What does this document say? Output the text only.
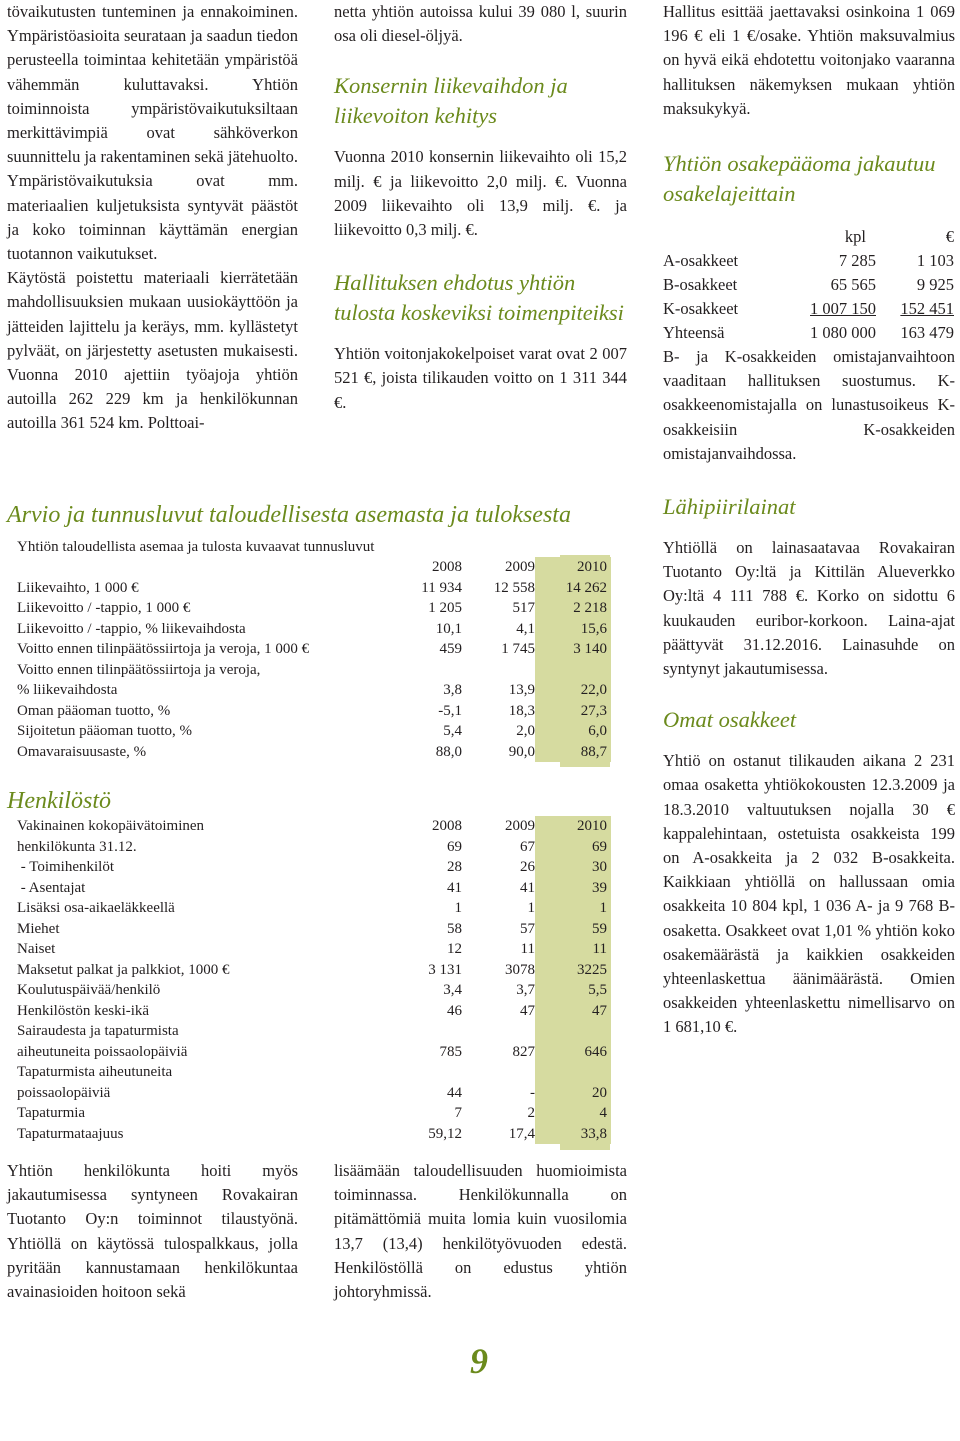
tövaikutusten tunteminen ja ennakoiminen. Ympäristöasioita seurataan ja saadun tiedon perusteella toimintaa kehitetään ympäristöä vähemmän kuluttavaksi. Yhtiön toiminnoista ympäristövaikutuksiltaan merkittävimpiä ovat sähköverkon suunnittelu ja rakentaminen sekä jätehuolto. Ympäristövaikutuksia ovat mm. materiaalien kuljetuksista syntyvät päästöt ja koko toiminnan käyttämän energian tuotannon vaikutukset.

Käytöstä poistettu materiaali kierrätetään mahdollisuuksien mukaan uusiokäyttöön ja jätteiden lajittelu ja keräys, mm. kyllästetyt pylväät, on järjestetty asetusten mukaisesti. Vuonna 2010 ajettiin työajoja yhtiön autoilla 262 229 km ja henkilökunnan autoilla 361 524 km. Polttoai-

netta yhtiön autoissa kului 39 080 l, suurin osa oli diesel-öljyä.

Konsernin liikevaihdon ja liikevoiton kehitys

Vuonna 2010 konsernin liikevaihto oli 15,2 milj. € ja liikevoitto 2,0 milj. €. Vuonna 2009 liikevaihto oli 13,9 milj. €. ja liikevoitto 0,3 milj. €.

Hallituksen ehdotus yhtiön tulosta koskeviksi toimenpiteiksi

Yhtiön voitonjakokelpoiset varat ovat 2 007 521 €, joista tilikauden voitto on 1 311 344 €.

Hallitus esittää jaettavaksi osinkoina 1 069 196 € eli 1 €/osake. Yhtiön maksuvalmius on hyvä eikä ehdotettu voitonjako vaaranna hallituksen näkemyksen mukaan yhtiön maksukykyä.

Yhtiön osakepääoma jakautuu osakelajeittain

	kpl	€
A-osakkeet	7 285	1 103
B-osakkeet	65 565	9 925
K-osakkeet	1 007 150	152 451
Yhteensä	1 080 000	163 479

B- ja K-osakkeiden omistajanvaihtoon vaaditaan hallituksen suostumus. K-osakkeenomistajalla on lunastusoikeus K-osakkeisiin K-osakkeiden omistajanvaihdossa.

Lähipiirilainat

Yhtiöllä on lainasaatavaa Rovakairan Tuotanto Oy:ltä ja Kittilän Alueverkko Oy:ltä 4 111 788 €. Korko on sidottu 6 kuukauden euribor-korkoon. Laina-ajat päättyvät 31.12.2016. Lainasuhde on syntynyt jakautumisessa.

Omat osakkeet

Yhtiö on ostanut tilikauden aikana 2 231 omaa osaketta yhtiökokousten 12.3.2009 ja 18.3.2010 valtuutuksen nojalla 30 € kappalehintaan, ostetuista osakkeista 199 on A-osakkeita ja 2 032 B-osakkeita. Kaikkiaan yhtiöllä on hallussaan omia osakkeita 10 804 kpl, 1 036 A- ja 9 768 B-osaketta. Osakkeet ovat 1,01 % yhtiön koko osakemäärästä ja kaikkien osakkeiden yhteenlaskettua äänimäärästä. Omien osakkeiden yhteenlaskettu nimellisarvo on 1 681,10 €.

Arvio ja tunnusluvut taloudellisesta asemasta ja tuloksesta
Yhtiön taloudellista asemaa ja tulosta kuvaavat tunnusluvut
	2008	2009	2010
Liikevaihto, 1 000 €	11 934	12 558	14 262
Liikevoitto / -tappio, 1 000 €	1 205	517	2 218
Liikevoitto / -tappio, % liikevaihdosta	10,1	4,1	15,6
Voitto ennen tilinpäätössiirtoja ja veroja, 1 000 €	459	1 745	3 140
Voitto ennen tilinpäätössiirtoja ja veroja,			
% liikevaihdosta	3,8	13,9	22,0
Oman pääoman tuotto, %	-5,1	18,3	27,3
Sijoitetun pääoman tuotto, %	5,4	2,0	6,0
Omavaraisuusaste, %	88,0	90,0	88,7
Henkilöstö
Vakinainen kokopäivätoiminen	2008	2009	2010
henkilökunta 31.12.	69	67	69
- Toimihenkilöt	28	26	30
- Asentajat	41	41	39
Lisäksi osa-aikaeläkkeellä	1	1	1
Miehet	58	57	59
Naiset	12	11	11
Maksetut palkat ja palkkiot, 1000 €	3 131	3078	3225
Koulutuspäivää/henkilö	3,4	3,7	5,5
Henkilöstön keski-ikä	46	47	47
Sairaudesta ja tapaturmista			
aiheutuneita poissaolopäiviä	785	827	646
Tapaturmista aiheutuneita			
poissaolopäiviä	44	-	20
Tapaturmia	7	2	4
Tapaturmataajuus	59,12	17,4	33,8

Yhtiön henkilökunta hoiti myös jakautumisessa syntyneen Rovakairan Tuotanto Oy:n toiminnot tilaustyönä. Yhtiöllä on käytössä tulospalkkaus, jolla pyritään kannustamaan henkilökuntaa avainasioiden hoitoon sekä

lisäämään taloudellisuuden huomioimista toiminnassa. Henkilökunnalla on pitämättömiä muita lomia kuin vuosilomia 13,7 (13,4) henkilötyövuoden edestä. Henkilöstöllä on edustus yhtiön johtoryhmissä.

9
